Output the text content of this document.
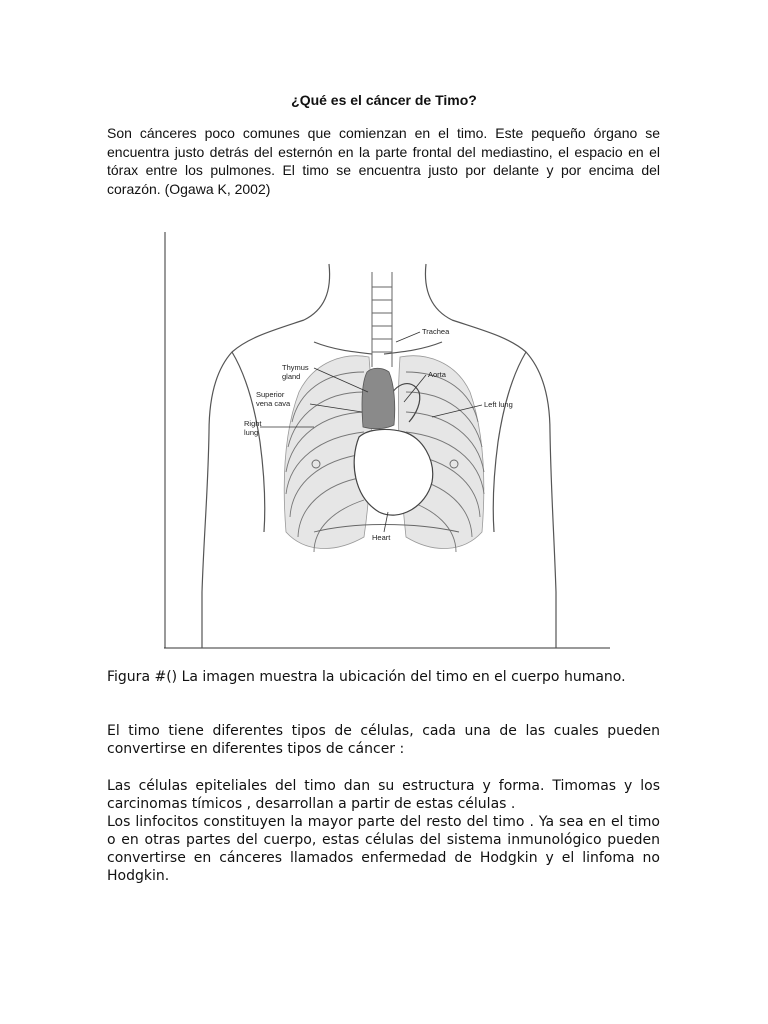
¿Qué es el cáncer de Timo?
Son cánceres poco comunes que comienzan en el timo. Este pequeño órgano se encuentra justo detrás del esternón en la parte frontal del mediastino, el espacio en el tórax entre los pulmones. El timo se encuentra justo por delante y por encima del corazón. (Ogawa K, 2002)
Trachea
Thymus gland	Aorta
Superior vena cava	Left lung
Right lung
Heart

Figura #() La imagen muestra la ubicación del timo en el cuerpo humano.

El timo tiene diferentes tipos de células, cada una de las cuales pueden convertirse en diferentes tipos de cáncer :

Las células epiteliales del timo dan su estructura y forma. Timomas y los carcinomas tímicos , desarrollan a partir de estas células .

Los linfocitos constituyen la mayor parte del resto del timo . Ya sea en el timo o en otras partes del cuerpo, estas células del sistema inmunológico pueden convertirse en cánceres llamados enfermedad de Hodgkin y el linfoma no Hodgkin.
